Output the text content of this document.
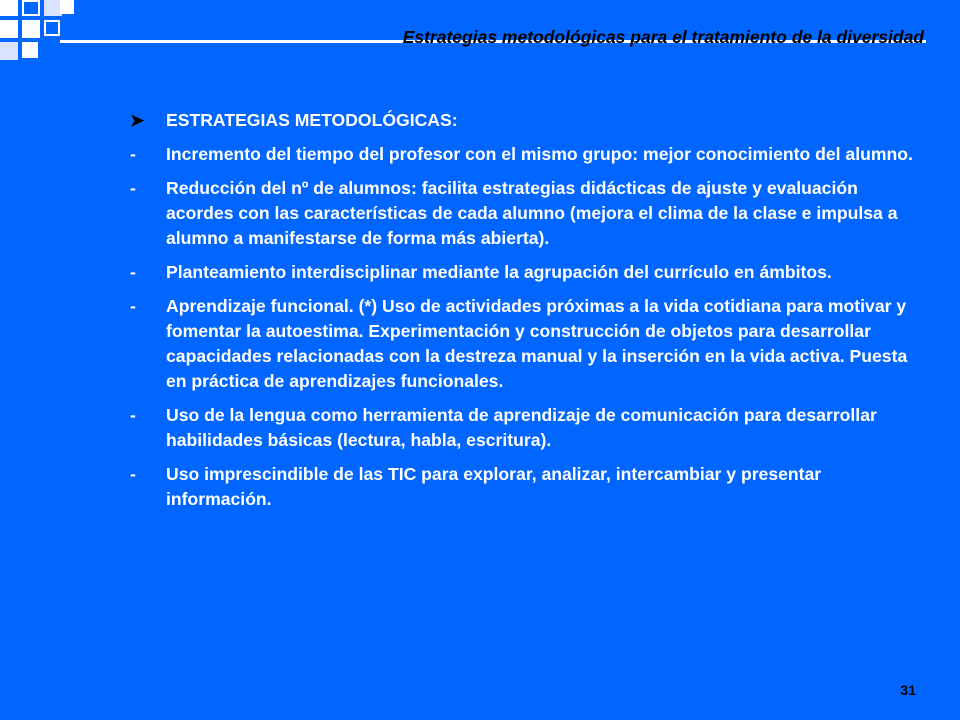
Estrategias metodológicas para el tratamiento de la diversidad
➤	ESTRATEGIAS METODOLÓGICAS:
-	Incremento del tiempo del profesor con el mismo grupo: mejor conocimiento del alumno.
-	Reducción del nº de alumnos: facilita estrategias didácticas de ajuste y evaluación acordes con las características de cada alumno (mejora el clima de la clase e impulsa a alumno a manifestarse de forma más abierta).
-	Planteamiento interdisciplinar mediante la agrupación del currículo en ámbitos.
-	Aprendizaje funcional. (*) Uso de actividades próximas a la vida cotidiana para motivar y fomentar la autoestima. Experimentación y construcción de objetos para desarrollar capacidades relacionadas con la destreza manual y la inserción en la vida activa. Puesta en práctica de aprendizajes funcionales.
-	Uso de la lengua como herramienta de aprendizaje de comunicación para desarrollar habilidades básicas (lectura, habla, escritura).
-	Uso imprescindible de las TIC para explorar, analizar, intercambiar y presentar información.
31
